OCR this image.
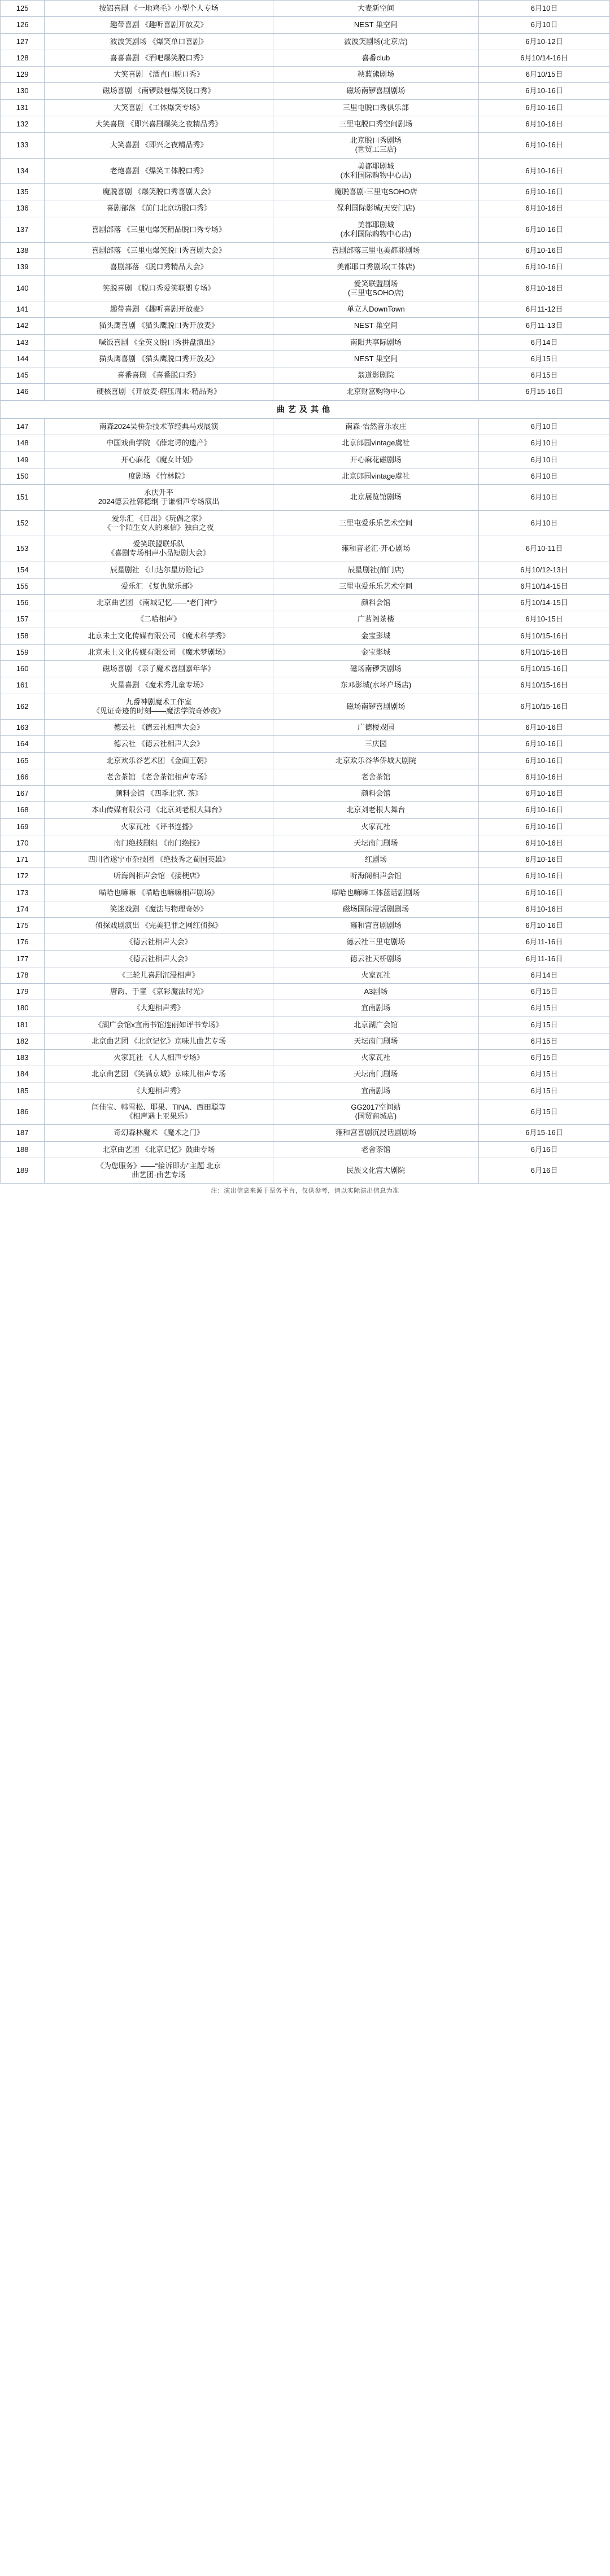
125	按铝喜剧 《一地鸡毛》小型个人专场	大麦新空间	6月10日

126	趣带喜剧 《趣听喜剧开放麦》	NEST 巢空间	6月10日

127	波波笑剧场 《爆笑单口喜剧》	波波笑剧场(北京店)	6月10-12日

128	喜喜喜剧 《酒吧爆笑脱口秀》	喜番club	6月10/14-16日

129	大笑喜剧 《酒直口脱口秀》	秧蓝熊剧场	6月10/15日

130	磁场喜剧 《南锣鼓巷爆笑脱口秀》	磁场南锣喜剧剧场	6月10-16日

131	大笑喜剧 《工体爆笑专场》	三里屯脱口秀俱乐部	6月10-16日

132	大笑喜剧 《即兴喜剧爆笑之夜精品秀》	三里屯脱口秀空间剧场	6月10-16日

133	大笑喜剧 《即兴之夜精品秀》	北京脱口秀剧场
(世贸工三店)	6月10-16日

134	老炮喜剧 《爆笑工体脱口秀》	美都耶剧城
(水利国际购物中心店)	6月10-16日

135	魔脱喜剧 《爆笑脱口秀喜剧大会》	魔脱喜剧·三里屯SOHO店	6月10-16日

136	喜剧部落 《前门北京坊脱口秀》	保利国际影城(天安门店)	6月10-16日

137	喜剧部落 《三里屯爆笑精品脱口秀专场》	美都耶剧城
(水利国际购物中心店)	6月10-16日

138	喜剧部落 《三里屯爆笑脱口秀喜剧大会》	喜剧部落三里屯美都耶剧场	6月10-16日

139	喜剧部落 《脱口秀精品大会》	美都耶口秀剧场(工体店)	6月10-16日

140	笑脱喜剧 《脱口秀爱笑联盟专场》	爱笑联盟剧场
(三里屯SOHO店)	6月10-16日

141	趣带喜剧 《趣听喜剧开放麦》	单立人DownTown	6月11-12日

142	猫头鹰喜剧 《猫头鹰脱口秀开放麦》	NEST 巢空间	6月11-13日

143	喊饭喜剧 《全英文脱口秀拼盘演出》	南阳共享际剧场	6月14日

144	猫头鹰喜剧 《猫头鹰脱口秀开放麦》	NEST 巢空间	6月15日

145	喜番喜剧 《喜番脱口秀》	翁道影剧院	6月15日

146	硬核喜剧 《开放麦·解压周末·精品秀》	北京财富购物中心	6月15-16日

曲艺及其他			

147	南森2024吴桥杂技术节经典马戏展演	南森·怡然音乐农庄	6月10日

148	中国戏曲学院 《薛定谔的遗产》	北京郎园vintage虞社	6月10日

149	开心麻花 《魔女计划》	开心麻花磁剧场	6月10日

150	度剧场 《竹林院》	北京郎园vintage虞社	6月10日

151	永庆升平
2024德云社郭德纲 于谦相声专场演出	北京展览馆剧场	6月10日

152	爱乐汇 《日出》《玩偶之家》
《一个陌生女人的来信》独白之夜	三里屯爱乐乐艺术空间	6月10日

153	爱笑联盟联乐队
《喜剧专场相声小品短剧大会》	雍和音老汇·开心剧场	6月10-11日

154	辰星剧社 《山达尔星历险记》	辰星剧社(前门店)	6月10/12-13日

155	爱乐汇 《复仇狱乐部》	三里屯爱乐乐艺术空间	6月10/14-15日

156	北京曲艺团 《南城记忆——“老门神”》	颜料会馆	6月10/14-15日

157	《二哈相声》	广茗阁茶楼	6月10-15日

158	北京未土文化传媒有限公司 《魔术科学秀》	金宝影城	6月10/15-16日

159	北京未土文化传媒有限公司 《魔术梦剧场》	金宝影城	6月10/15-16日

160	磁场喜剧 《亲子魔术喜剧嘉年华》	磁场南锣笑剧场	6月10/15-16日

161	火星喜剧 《魔术秀儿童专场》	东邓影城(水坏户场店)	6月10/15-16日

162	九爵神剧魔术工作室
《见证奇迹的时刻——魔法学院奇妙夜》	磁场南锣喜剧剧场	6月10/15-16日

163	德云社 《德云社相声大会》	广德楼戏园	6月10-16日

164	德云社 《德云社相声大会》	三庆园	6月10-16日

165	北京欢乐谷艺术团 《金面王朝》	北京欢乐谷华侨城大剧院	6月10-16日

166	老舍茶馆 《老舍茶馆相声专场》	老舍茶馆	6月10-16日

167	颜料会馆 《四季北京. 茶》	颜料会馆	6月10-16日

168	本山传媒有限公司 《北京刘老根大舞台》	北京刘老根大舞台	6月10-16日

169	火家瓦社 《评书连播》	火家瓦社	6月10-16日

170	南门绝技剧组 《南门绝技》	天坛南门剧场	6月10-16日

171	四川省遂宁市杂技团 《绝技秀之蜀国英雄》	红剧场	6月10-16日

172	听海阁相声会馆 《接梗店》	听海阁相声会馆	6月10-16日

173	喵哈也嘛嘛 《喵哈也嘛嘛相声剧场》	喵哈也嘛嘛工体蓝话剧剧场	6月10-16日

174	笑迷戏剧 《魔法与物理奇妙》	磁场国际浸话剧剧场	6月10-16日

175	侦探戏剧演出 《完美犯罪之网红侦探》	雍和宫喜剧剧场	6月10-16日

176	《德云社相声大会》	德云社三里屯剧场	6月11-16日

177	《德云社相声大会》	德云社天桥剧场	6月11-16日

178	《三轮儿喜剧沉浸相声》	火家瓦社	6月14日

179	唐韵、于童 《京彩魔法时光》	A3剧场	6月15日

180	《大迎相声秀》	宜南剧场	6月15日

181	《湖广会馆x宜南书馆连丽如评书专场》	北京湖广会馆	6月15日

182	北京曲艺团 《北京记忆》京味儿曲艺专场	天坛南门剧场	6月15日

183	火家瓦社 《人人相声专场》	火家瓦社	6月15日

184	北京曲艺团 《笑满京城》京味儿相声专场	天坛南门剧场	6月15日

185	《大迎相声秀》	宜南剧场	6月15日

186	闫佳宝、韩雪松、耶果、TINA、西田聪等
《相声遇上亚果乐》	GG2017空间站
(国贸商城店)	6月15日

187	奇幻森林魔术 《魔术之门》	雍和宫喜剧沉浸话剧剧场	6月15-16日

188	北京曲艺团 《北京记忆》鼓曲专场	老舍茶馆	6月16日

189	《为您服务》——“接诉即办”主题 北京
曲艺团·曲艺专场	民族文化宫大剧院	6月16日

注：演出信息来源于票务平台，仅供参考，请以实际演出信息为准			
